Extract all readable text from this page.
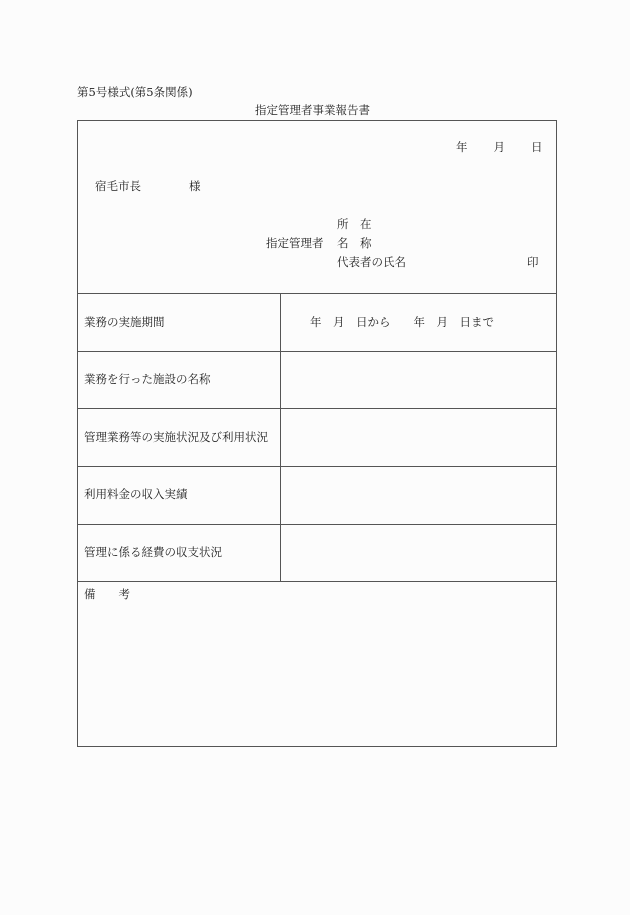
第5号様式(第5条関係)
指定管理者事業報告書
年 月 日
宿毛市長	様
指定管理者
所　在
名　称
代表者の氏名	印
業務の実施期間	年　月　日から　　年　月　日まで
業務を行った施設の名称
管理業務等の実施状況及び利用状況
利用料金の収入実績
管理に係る経費の収支状況
備　　考
